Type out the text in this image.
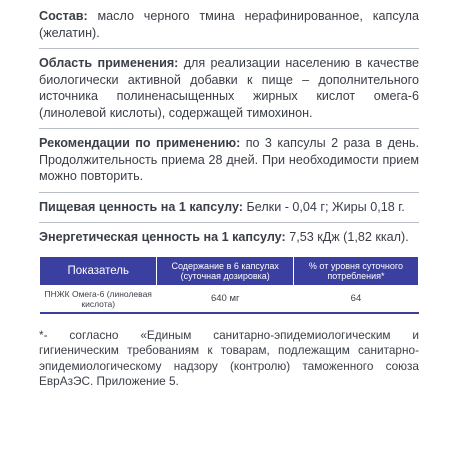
Состав: масло черного тмина нерафинированное, капсула (желатин).

Область применения: для реализации населению в качестве биологически активной добавки к пище – дополнительного источника полиненасыщенных жирных кислот омега-6 (линолевой кислоты), содержащей тимохинон.

Рекомендации по применению: по 3 капсулы 2 раза в день. Продолжительность приема 28 дней. При необходимости прием можно повторить.

Пищевая ценность на 1 капсулу: Белки - 0,04 г; Жиры 0,18 г.

Энергетическая ценность на 1 капсулу: 7,53 кДж (1,82 ккал).

Показатель	Содержание в 6 капсулах (суточная дозировка)	% от уровня суточного потребления*
ПНЖК Омега-6 (линолевая кислота)	640 мг	64

*- согласно «Единым санитарно-эпидемиологическим и гигиеническим требованиям к товарам, подлежащим санитарно-эпидемиологическому надзору (контролю) таможенного союза ЕврАзЭС. Приложение 5.
